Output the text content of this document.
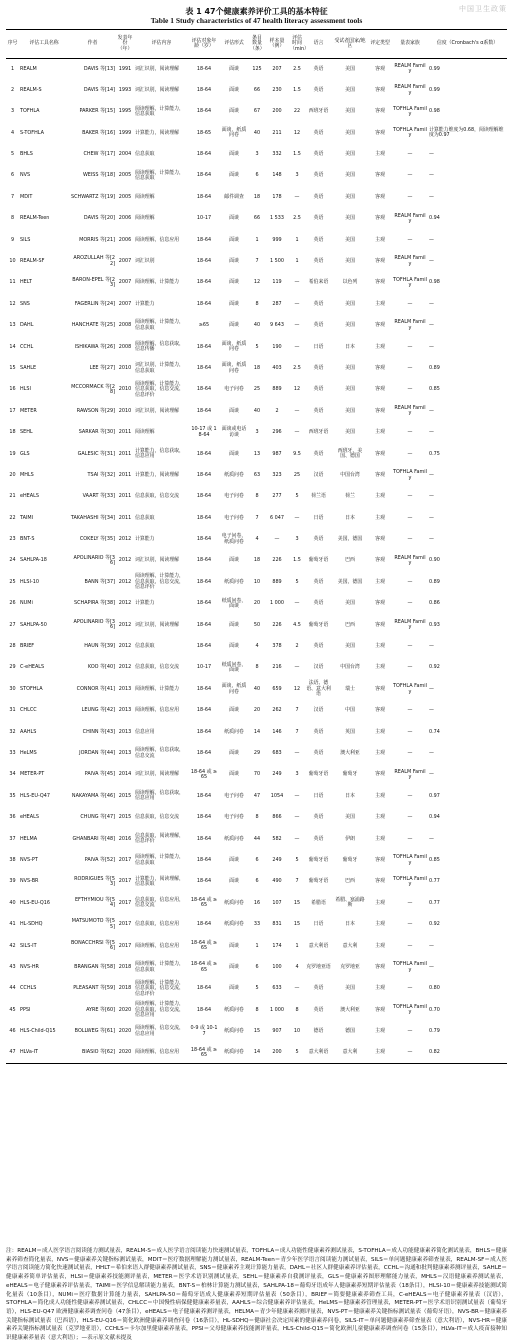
中国卫生政策
表 1 47个健康素养评价工具的基本特征
Table 1 Study characteristics of 47 health literacy assessment tools
序号	评估工具名称	作者	发表年份（年）	评估内容	评估对象年龄（岁）	评估形式	条目数量（条）	样本量（例）	评估时间（min）	语言	受试者国家/地区	评定类型	量表家族	信度（Cronbach's α系数）
1	REALM	DAVIS 等[13]	1991	词汇识别，阅读理解	18-64	面谈	125	207	2.5	英语	美国	客观	REALM Family	0.99
2	REALM-S	DAVIS 等[14]	1993	词汇识别，阅读理解	18-64	面谈	66	230	1.5	英语	美国	客观	REALM Family	0.99
3	TOFHLA	PARKER 等[15]	1995	阅读理解，计算能力，信息获取	18-64	面谈	67	200	22	西班牙语	美国	客观	TOFHLA Family	0.98
4	S-TOFHLA	BAKER 等[16]	1999	计算能力，阅读理解	18-65	面谈，纸质问卷	40	211	12	英语	美国	客观	TOFHLA Family	计算能力维度为0.68，阅读理解维度为0.97
5	BHLS	CHEW 等[17]	2004	信息获取	18-64	面谈	3	332	1.5	英语	美国	主观	—	—
6	NVS	WEISS 等[18]	2005	阅读理解，计算能力，信息获取	18-64	面谈	6	148	3	英语	美国	客观	—	—
7	MDIT	SCHWARTZ 等[19]	2005	阅读理解	18-64	邮件调查	18	178	—	英语	美国	客观	—	—
8	REALM-Teen	DAVIS 等[20]	2006	阅读理解	10-17	面谈	66	1 533	2.5	英语	美国	客观	REALM Family	0.94
9	SILS	MORRIS 等[21]	2006	阅读理解，信息应用	18-64	面谈	1	999	1	英语	美国	主观	—	—
10	REALM-SF	AROZULLAH 等[22]	2007	词汇识别	18-64	面谈	7	1 500	1	英语	美国	客观	REALM Family	—
11	HELT	BARON-EPEL 等[23]	2007	阅读理解，计算能力	18-64	面谈	12	119	—	希伯来语	以色列	客观	TOFHLA Family	0.98
12	SNS	FAGERLIN 等[24]	2007	计算能力	18-64	面谈	8	287	—	英语	美国	主观	—	—
13	DAHL	HANCHATE 等[25]	2008	阅读理解，计算能力，信息获取	≥65	面谈	40	9 643	—	英语	美国	客观	REALM Family	—
14	CCHL	ISHIKAWA 等[26]	2008	阅读理解，信息获取，信息传播	18-64	面谈，纸质问卷	5	190	—	日语	日本	主观	—	—
15	SAHLE	LEE 等[27]	2010	词汇识别，计算能力，信息获取	18-64	面谈，纸质问卷	18	403	2.5	英语	美国	客观	—	0.89
16	HLSI	MCCORMACK 等[28]	2010	阅读理解，计算能力，信息获取，信息交流，信息评价	18-64	电子问卷	25	889	12	英语	美国	客观	—	0.85
17	METER	RAWSON 等[29]	2010	词汇识别，阅读理解	18-64	面谈	40	2	—	英语	美国	客观	REALM Family	—
18	SEHL	SARKAR 等[30]	2011	阅读理解	10-17 或 18-64	面谈或电话访谈	3	296	—	西班牙语	美国	主观	—	—
19	GLS	GALESIC 等[31]	2011	计算能力，信息获取，信息应用	18-64	面谈	13	987	9.5	英语	西班牙、美国、德国	客观	—	0.75
20	MHLS	TSAI 等[32]	2011	计算能力，阅读理解	18-64	纸质问卷	63	323	25	汉语	中国台湾	客观	TOFHLA Family	—
21	eHEALS	VAART 等[33]	2011	信息获取，信息交流	18-64	电子问卷	8	277	5	荷兰语	荷兰	主观	—	—
22	TAIMI	TAKAHASHI 等[34]	2011	信息获取	18-64	电子问卷	7	6 047	—	日语	日本	主观	—	—
23	BNT-S	COKELY 等[35]	2012	计算能力	18-64	电子问卷，纸质问卷	4	—	3	英语	美国，德国	客观	—	—
24	SAHLPA-18	APOLINARIO 等[36]	2012	词汇识别，阅读理解	18-64	面谈	18	226	1.5	葡萄牙语	巴西	客观	REALM Family	0.90
25	HLSI-10	BANN 等[37]	2012	阅读理解，计算能力，信息获取，信息交流，信息评价	18-64	纸质问卷	10	889	5	英语	美国，德国	主观	—	0.89
26	NUMi	SCHAPIRA 等[38]	2012	计算能力	18-64	纸质问卷，面谈	20	1 000	—	英语	美国	客观	—	0.86
27	SAHLPA-50	APOLINARIO 等[36]	2012	词汇识别，阅读理解	18-64	面谈	50	226	4.5	葡萄牙语	巴西	客观	REALM Family	0.93
28	BRIEF	HAUN 等[39]	2012	信息获取	18-64	面谈	4	378	2	英语	美国	主观	—	—
29	C-eHEALS	KOO 等[40]	2012	信息获取，信息交流	10-17	纸质问卷，面谈	8	216	—	汉语	中国台湾	主观	—	0.92
30	STOFHLA	CONNOR 等[41]	2013	阅读理解，计算能力	18-64	面谈，纸质问卷	40	659	12	法语、德语、意大利语	瑞士	客观	TOFHLA Family	—
31	CHLCC	LEUNG 等[42]	2013	阅读理解，信息应用	18-64	面谈	20	262	7	汉语	中国	客观	—	—
32	AAHLS	CHINN 等[43]	2013	信息应用	18-64	纸质问卷	14	146	7	英语	英国	主观	—	0.74
33	HeLMS	JORDAN 等[44]	2013	阅读理解，信息获取，信息交流	18-64	面谈	29	683	—	英语	澳大利亚	主观	—	—
34	METER-PT	PAIVA 等[45]	2014	词汇识别，阅读理解	18-64 或 ≥65	面谈	70	249	3	葡萄牙语	葡萄牙	客观	REALM Family	—
35	HLS-EU-Q47	NAKAYAMA 等[46]	2015	阅读理解，信息获取，信息应用	18-64	电子问卷	47	1054	—	日语	日本	主观	—	0.97
36	eHEALS	CHUNG 等[47]	2015	信息获取，信息交流	18-64	电子问卷	8	866	—	英语	美国	主观	—	0.94
37	HELMA	GHANBARI 等[48]	2016	信息获取，阅读理解，信息评价	18-64	纸质问卷	44	582	—	英语	伊朗	主观	—	—
38	NVS-PT	PAIVA 等[52]	2017	阅读理解，计算能力，信息获取	18-64	面谈	6	249	5	葡萄牙语	葡萄牙	客观	TOFHLA Family	0.85
39	NVS-BR	RODRIGUES 等[53]	2017	计算能力，阅读理解，信息获取	18-64	面谈	6	490	7	葡萄牙语	巴西	客观	TOFHLA Family	0.77
40	HLS-EU-Q16	EFTHYMIOU 等[54]	2017	信息获取，信息应用，信息交流	18-64 或 ≥65	纸质问卷	16	107	15	希腊语	希腊、塞浦路斯	主观	—	0.77
41	HL-SDHQ	MATSUMOTO 等[55]	2017	信息获取，信息应用	18-64	纸质问卷	33	831	15	日语	日本	主观	—	0.92
42	SILS-IT	BONACCHRSI 等[56]	2017	阅读理解，信息应用	18-64 或 ≥65	面谈	1	174	1	意大利语	意大利	主观	—	—
43	NVS-HR	BRANGAN 等[58]	2018	阅读理解，计算能力，信息获取	18-64 或 ≥65	面谈	6	100	4	克罗地亚语	克罗地亚	客观	TOFHLA Family	—
44	CCHLS	PLEASANT 等[59]	2018	阅读理解，计算能力，信息获取，信息交流，信息评价	18-64	面谈	5	633	—	英语	美国	主观	—	0.80
45	PPSI	AYRE 等[60]	2020	阅读理解，计算能力，信息获取，信息交流，信息应用	18-64	纸质问卷	8	1 000	8	英语	澳大利亚	客观	TOFHLA Family	0.70
46	HLS-Child-Q15	BOLLWEG 等[61]	2020	阅读理解，信息交流，信息应用	0-9 或 10-17	纸质问卷	15	907	10	德语	德国	主观	—	0.79
47	HLVa-IT	BIASIO 等[62]	2020	阅读理解，信息应用	18-64 或 ≥65	纸质问卷	14	200	5	意大利语	意大利	主观	—	0.82
注：REALM＝成人医学语言阅读能力测试量表，REALM-S＝成人医学语言阅读能力快速测试量表，TOFHLA＝成人功能性健康素养测试量表，S-TOFHLA＝成人功能健康素养简化测试量表，BHLS＝健康素养筛查简化量表，NVS＝健康素养关键指标测试量表，MDIT＝医疗数据理解能力测试量表，REALM-Teen＝青少年医学语言阅读能力测试量表，SILS＝单问题健康素养筛查量表，REALM-SF＝成人医学语言阅读能力简化快速测试量表，HHLT＝希伯来语人群健康素养测试量表，SNS＝健康素养主观计算能力量表，DAHL＝社区人群健康素养评估量表，CCHL＝沟通和批判健康素养测评量表，SAHLE＝健康素养简单评估量表，HLSI＝健康素养技能测评量表，METER＝医学术语识别测试量表，SEHL＝健康素养自我测评量表，GLS＝健康素养图形理解能力量表，MHLS＝汉语健康素养测试量表，eHEALS＝电子健康素养评估量表，TAIMI＝医学信息解读能力量表，BNT-S＝柏林计算能力测试量表，SAHLPA-18＝葡萄牙语成年人健康素养短期评估量表（18条目），HLSI-10＝健康素养技能测试简化量表（10条目），NUMi＝医疗数据计算能力量表，SAHLPA-50＝葡萄牙语成人健康素养短期评估量表（50条目），BRIEF＝简要健康素养筛查工具，C-eHEALS＝电子健康素养量表（汉语），STOFHLA＝简化成人功能性健康素养测试量表，CHLCC＝中国慢性病保健健康素养量表，AAHLS＝综合健康素养评估量表，HeLMS＝健康素养管理量表，METER-PT＝医学术语识别测试量表（葡萄牙语），HLS-EU-Q47 欧洲健康素养调查问卷（47条目），eHEALS＝电子健康素养测评量表，HELMA＝青少年健康素养测评量表，NVS-PT＝健康素养关键指标测试量表（葡萄牙语），NVS-BR＝健康素养关键指标测试量表（巴西语），HLS-EU-Q16＝简化欧洲健康素养调查问卷（16条目），HL-SDHQ＝健康社会决定因素的健康素养问卷，SILS-IT＝单问题健康素养筛查量表（意大利语），NVS-HR＝健康素养关键指标测试量表（克罗地亚语），CCHLS＝卡尔加里健康素养量表，PPSI＝父母健康素养技能测评量表，HLS-Child-Q15＝简化欧洲儿童健康素养调查问卷（15条目），HLVa-IT＝成人疫苗接种知识健康素养量表（意大利语）；—表示原文献未提及
